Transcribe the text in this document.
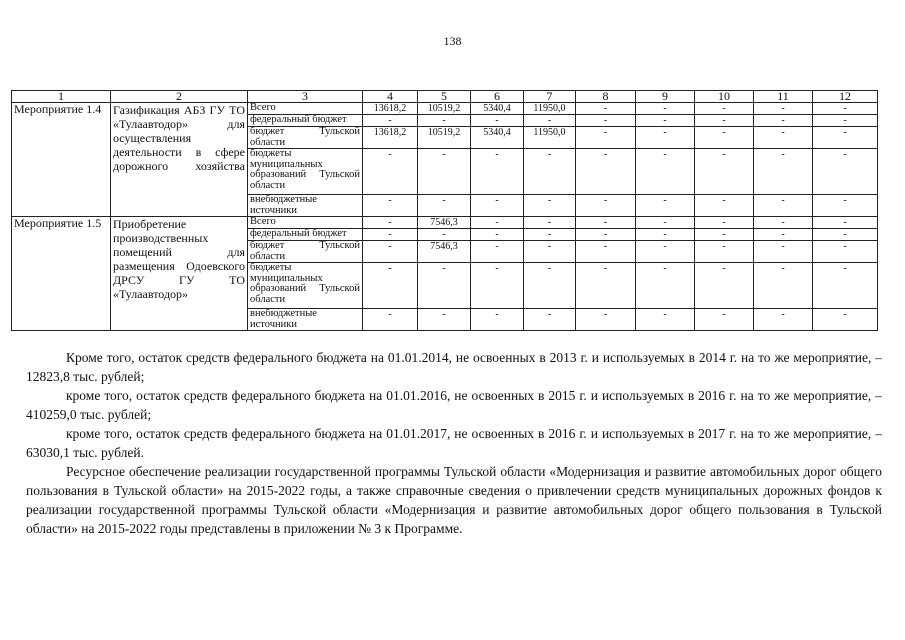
138
1	2	3	4	5	6	7	8	9	10	11	12
Мероприятие 1.4	Газификация АБЗ ГУ ТО «Тулаавтодор» для осуществления деятельности в сфере дорожного хозяйства	Всего	13618,2	10519,2	5340,4	11950,0	-	-	-	-	-
		федеральный бюджет	-	-	-	-	-	-	-	-	-
		бюджет Тульской области	13618,2	10519,2	5340,4	11950,0	-	-	-	-	-
		бюджеты муниципальных образований Тульской области	-	-	-	-	-	-	-	-	-
		внебюджетные источники	-	-	-	-	-	-	-	-	-
Мероприятие 1.5	Приобретение производственных помещений для размещения Одоевского ДРСУ ГУ ТО «Тулаавтодор»	Всего	-	7546,3	-	-	-	-	-	-	-
		федеральный бюджет	-	-	-	-	-	-	-	-	-
		бюджет Тульской области	-	7546,3	-	-	-	-	-	-	-
		бюджеты муниципальных образований Тульской области	-	-	-	-	-	-	-	-	-
		внебюджетные источники	-	-	-	-	-	-	-	-	-

Кроме того, остаток средств федерального бюджета на 01.01.2014, не освоенных в 2013 г. и используемых в 2014 г. на то же мероприятие, – 12823,8 тыс. рублей;

кроме того, остаток средств федерального бюджета на 01.01.2016, не освоенных в 2015 г. и используемых в 2016 г. на то же мероприятие, – 410259,0 тыс. рублей;

кроме того, остаток средств федерального бюджета на 01.01.2017, не освоенных в 2016 г. и используемых в 2017 г. на то же мероприятие, – 63030,1 тыс. рублей.

Ресурсное обеспечение реализации государственной программы Тульской области «Модернизация и развитие автомобильных дорог общего пользования в Тульской области» на 2015-2022 годы, а также справочные сведения о привлечении средств муниципальных дорожных фондов к реализации государственной программы Тульской области «Модернизация и развитие автомобильных дорог общего пользования в Тульской области» на 2015-2022 годы представлены в приложении № 3 к Программе.
